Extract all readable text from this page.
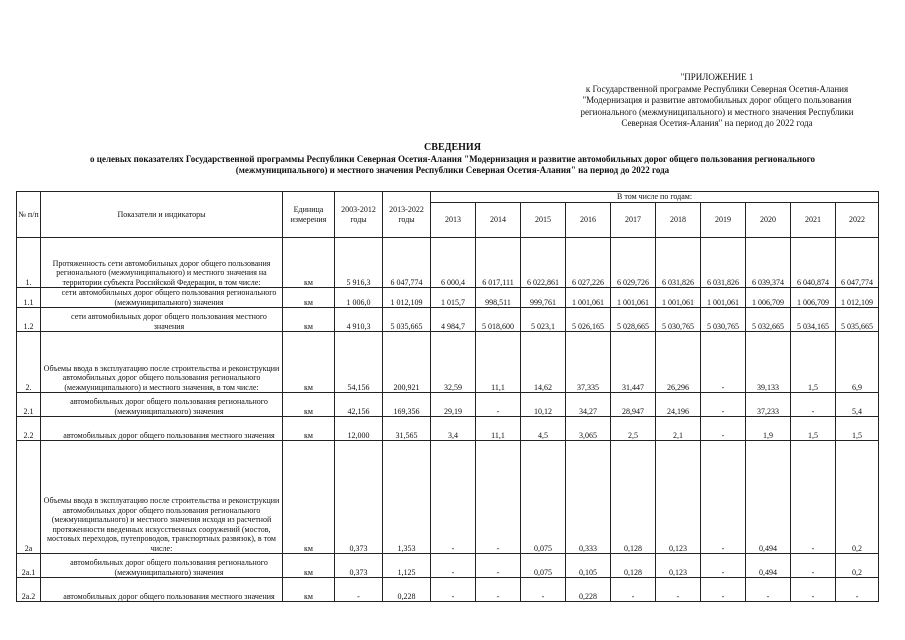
"ПРИЛОЖЕНИЕ 1
к Государственной программе Республики Северная Осетия-Алания
"Модернизация и развитие автомобильных дорог общего пользования
регионального (межмуниципального) и местного значения Республики
Северная Осетия-Алания" на период до 2022 года
СВЕДЕНИЯ
о целевых показателях Государственной программы Республики Северная Осетия-Алания "Модернизация и развитие автомобильных дорог общего пользования регионального
(межмуниципального) и местного значения Республики Северная Осетия-Алания" на период до 2022 года
№ п/п	Показатели и индикаторы	Единица измерения	2003-2012 годы	2013-2022 годы	В том числе по годам:									
					2013	2014	2015	2016	2017	2018	2019	2020	2021	2022
1.	Протяженность сети автомобильных дорог общего пользования регионального (межмуниципального) и местного значения на территории субъекта Российской Федерации, в том числе:	км	5 916,3	6 047,774	6 000,4	6 017,111	6 022,861	6 027,226	6 029,726	6 031,826	6 031,826	6 039,374	6 040,874	6 047,774
1.1	сети автомобильных дорог общего пользования регионального (межмуниципального) значения	км	1 006,0	1 012,109	1 015,7	998,511	999,761	1 001,061	1 001,061	1 001,061	1 001,061	1 006,709	1 006,709	1 012,109
1.2	сети автомобильных дорог общего пользования местного значения	км	4 910,3	5 035,665	4 984,7	5 018,600	5 023,1	5 026,165	5 028,665	5 030,765	5 030,765	5 032,665	5 034,165	5 035,665
2.	Объемы ввода в эксплуатацию после строительства и реконструкции автомобильных дорог общего пользования регионального (межмуниципального) и местного значения, в том числе:	км	54,156	200,921	32,59	11,1	14,62	37,335	31,447	26,296	-	39,133	1,5	6,9
2.1	автомобильных дорог общего пользования регионального (межмуниципального) значения	км	42,156	169,356	29,19	-	10,12	34,27	28,947	24,196	-	37,233	-	5,4
2.2	автомобильных дорог общего пользования местного значения	км	12,000	31,565	3,4	11,1	4,5	3,065	2,5	2,1	-	1,9	1,5	1,5
2а	Объемы ввода в эксплуатацию после строительства и реконструкции автомобильных дорог общего пользования регионального (межмуниципального) и местного значения исходя из расчетной протяженности введенных искусственных сооружений (мостов, мостовых переходов, путепроводов, транспортных развязок), в том числе:	км	0,373	1,353	-	-	0,075	0,333	0,128	0,123	-	0,494	-	0,2
2а.1	автомобильных дорог общего пользования регионального (межмуниципального) значения	км	0,373	1,125	-	-	0,075	0,105	0,128	0,123	-	0,494	-	0,2
2а.2	автомобильных дорог общего пользования местного значения	км	-	0,228	-	-	-	0,228	-	-	-	-	-	-
